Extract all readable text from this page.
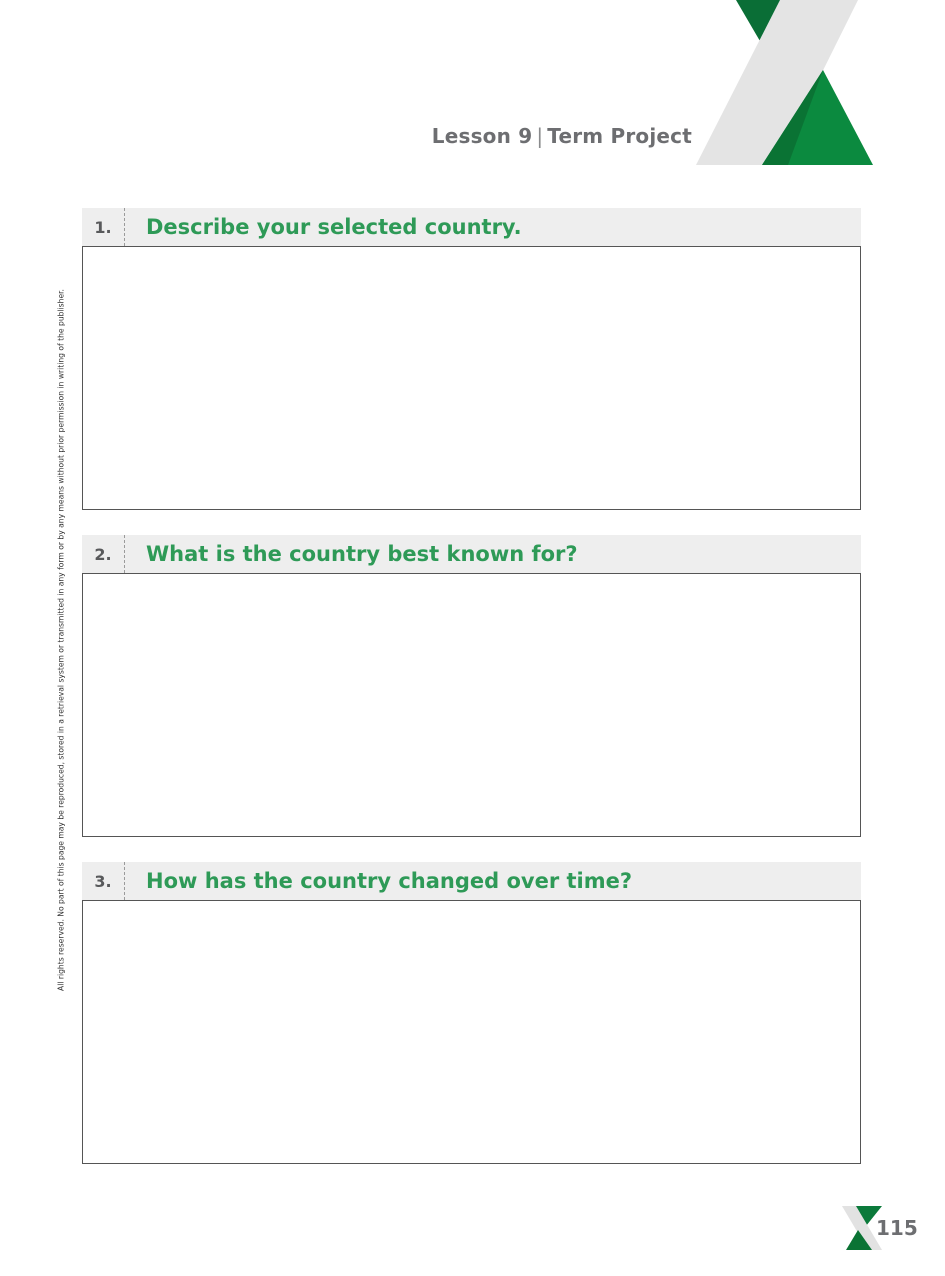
Lesson 9 | Term Project
All rights reserved. No part of this page may be reproduced, stored in a retrieval system or transmitted in any form or by any means without prior permission in writing of the publisher.
1.	Describe your selected country.
2.	What is the country best known for?
3.	How has the country changed over time?
115
